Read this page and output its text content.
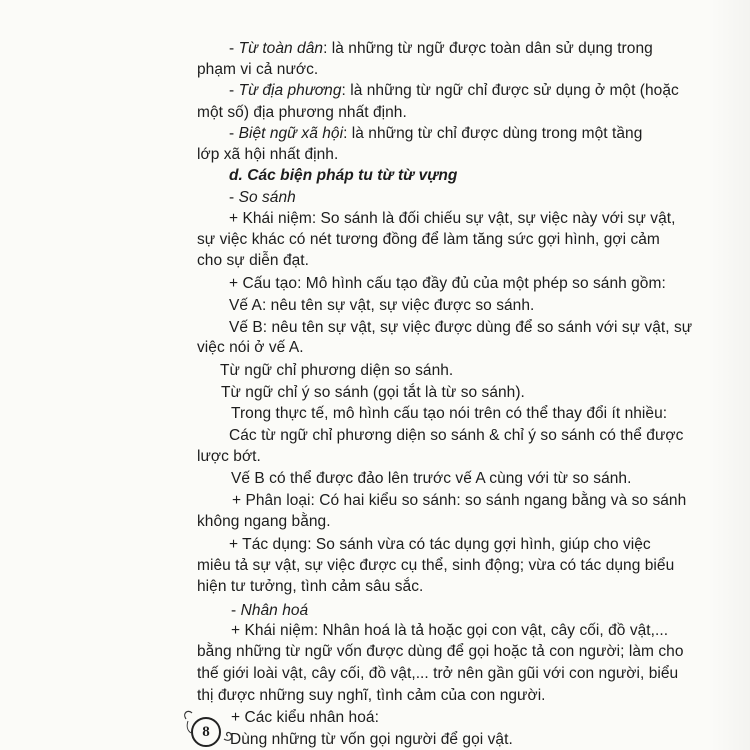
- Từ toàn dân: là những từ ngữ được toàn dân sử dụng trong
phạm vi cả nước.
- Từ địa phương: là những từ ngữ chỉ được sử dụng ở một (hoặc
một số) địa phương nhất định.
- Biệt ngữ xã hội: là những từ chỉ được dùng trong một tầng
lớp xã hội nhất định.
d. Các biện pháp tu từ từ vựng
- So sánh
+ Khái niệm: So sánh là đối chiếu sự vật, sự việc này với sự vật,
sự việc khác có nét tương đồng để làm tăng sức gợi hình, gợi cảm
cho sự diễn đạt.
+ Cấu tạo: Mô hình cấu tạo đầy đủ của một phép so sánh gồm:
Vế A: nêu tên sự vật, sự việc được so sánh.
Vế B: nêu tên sự vật, sự việc được dùng để so sánh với sự vật, sự
việc nói ở vế A.
Từ ngữ chỉ phương diện so sánh.
Từ ngữ chỉ ý so sánh (gọi tắt là từ so sánh).
Trong thực tế, mô hình cấu tạo nói trên có thể thay đổi ít nhiều:
Các từ ngữ chỉ phương diện so sánh & chỉ ý so sánh có thể được
lược bớt.
Vế B có thể được đảo lên trước vế A cùng với từ so sánh.
+ Phân loại: Có hai kiểu so sánh: so sánh ngang bằng và so sánh
không ngang bằng.
+ Tác dụng: So sánh vừa có tác dụng gợi hình, giúp cho việc
miêu tả sự vật, sự việc được cụ thể, sinh động; vừa có tác dụng biểu
hiện tư tưởng, tình cảm sâu sắc.
- Nhân hoá
+ Khái niệm: Nhân hoá là tả hoặc gọi con vật, cây cối, đồ vật,...
bằng những từ ngữ vốn được dùng để gọi hoặc tả con người; làm cho
thế giới loài vật, cây cối, đồ vật,... trở nên gần gũi với con người, biểu
thị được những suy nghĩ, tình cảm của con người.
+ Các kiểu nhân hoá:
Dùng những từ vốn gọi người để gọi vật.
8
